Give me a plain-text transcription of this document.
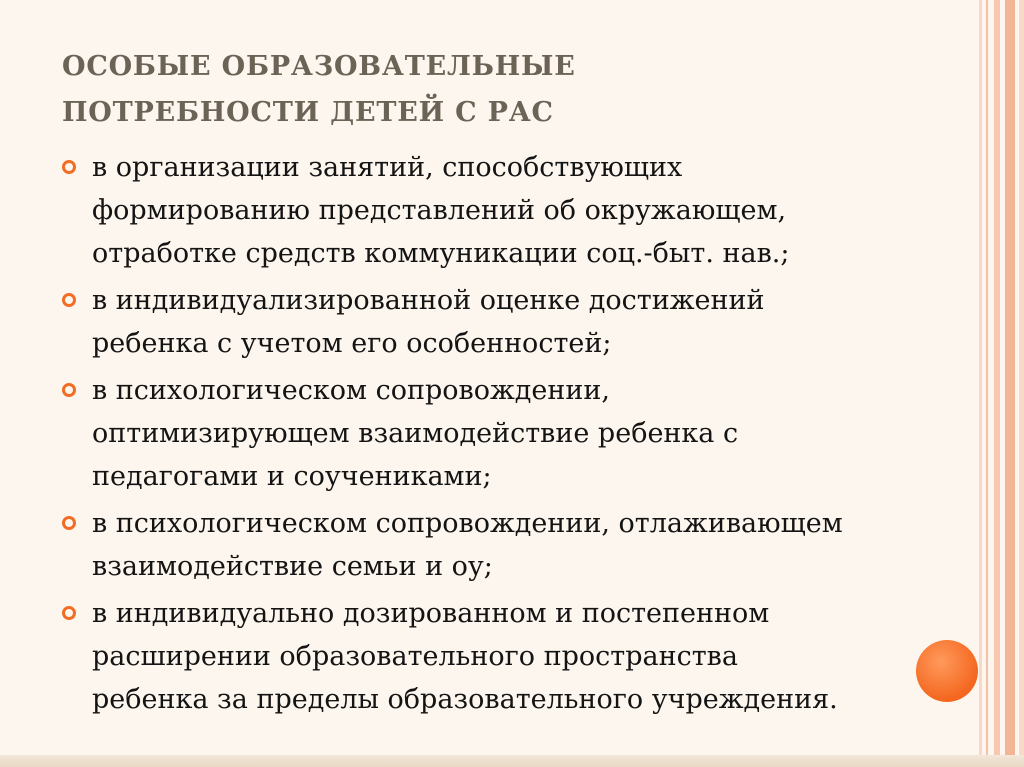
ОСОБЫЕ ОБРАЗОВАТЕЛЬНЫЕ
ПОТРЕБНОСТИ ДЕТЕЙ С РАС
в организации занятий, способствующих
формированию представлений об окружающем,
отработке средств коммуникации соц.-быт. нав.;
в индивидуализированной оценке достижений
ребенка с учетом его особенностей;
в психологическом сопровождении,
оптимизирующем взаимодействие ребенка с
педагогами и соучениками;
в психологическом сопровождении, отлаживающем
взаимодействие семьи и оу;
в индивидуально дозированном и постепенном
расширении образовательного пространства
ребенка за пределы образовательного учреждения.
